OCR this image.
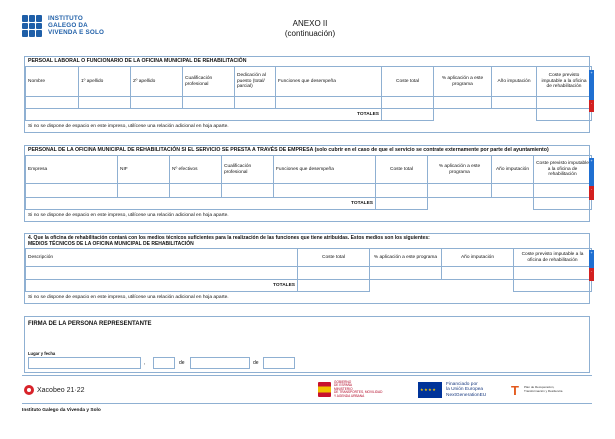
INSTITUTO
GALEGO DA
VIVENDA E SOLO
ANEXO II
(continuación)
PERSOAL LABORAL O FUNCIONARIO DE LA OFICINA MUNICIPAL DE REHABILITACIÓN
Nombre	1º apellido	2º apellido	Cualificación profesional	Dedicación al puesto (total/ parcial)	Funciones que desempeña	Coste total	% aplicación a este programa	Año imputación	Coste previsto imputable a la oficina de rehabilitación

TOTALES									
Si no se dispone de espacio en este impreso, utilícese una relación adicional en hoja aparte.
+
-
PERSONAL DE LA OFICINA MUNICIPAL DE REHABILITACIÓN SI EL SERVICIO SE PRESTA A TRAVÉS DE EMPRESA (solo cubrir en el caso de que el servicio se contrate externamente por parte del ayuntamiento)
Empresa	NIF	Nº efectivos	Cualificación profesional	Funciones que desempeña	Coste total	% aplicación a este programa	Año imputación	Coste previsto imputable a la oficina de rehabilitación

TOTALES								
Si no se dispone de espacio en este impreso, utilícese una relación adicional en hoja aparte.
+
-
4. Que la oficina de rehabilitación contará con los medios técnicos suficientes para la realización de las funciones que tiene atribuidas. Estos medios son los siguientes:
MEDIOS TÉCNICOS DE LA OFICINA MUNICIPAL DE REHABILITACIÓN
Descripción	Coste total	% aplicación a este programa	Año imputación	Coste previsto imputable a la oficina de rehabilitación

TOTALES				
Si no se dispone de espacio en este impreso, utilícese una relación adicional en hoja aparte.
+
-
FIRMA DE LA PERSONA REPRESENTANTE
Lugar y fecha
,	de	de
Xacobeo 21·22
GOBIERNO
DE ESPAÑA
MINISTERIO
DE TRANSPORTES, MOVILIDAD
Y AGENDA URBANA
★★★★
Financiado por
la Unión Europea
NextGenerationEU T	Plan de Recuperación,
Transformación y Resiliencia
Instituto Galego da Vivenda y Solo
